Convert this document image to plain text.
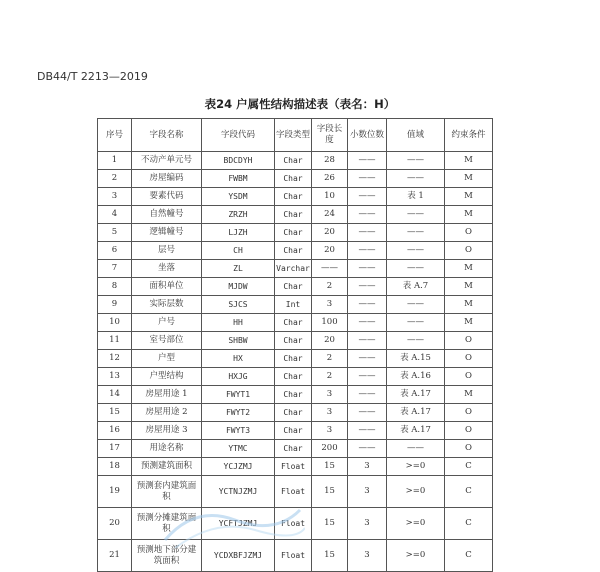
DB44/T 2213—2019
表24 户属性结构描述表（表名：H）
序号	字段名称	字段代码	字段类型	字段长度	小数位数	值域	约束条件
1	不动产单元号	BDCDYH	Char	28	——	——	M
2	房屋编码	FWBM	Char	26	——	——	M
3	要素代码	YSDM	Char	10	——	表 1	M
4	自然幢号	ZRZH	Char	24	——	——	M
5	逻辑幢号	LJZH	Char	20	——	——	O
6	层号	CH	Char	20	——	——	O
7	坐落	ZL	Varchar	——	——	——	M
8	面积单位	MJDW	Char	2	——	表 A.7	M
9	实际层数	SJCS	Int	3	——	——	M
10	户号	HH	Char	100	——	——	M
11	室号部位	SHBW	Char	20	——	——	O
12	户型	HX	Char	2	——	表 A.15	O
13	户型结构	HXJG	Char	2	——	表 A.16	O
14	房屋用途 1	FWYT1	Char	3	——	表 A.17	M
15	房屋用途 2	FWYT2	Char	3	——	表 A.17	O
16	房屋用途 3	FWYT3	Char	3	——	表 A.17	O
17	用途名称	YTMC	Char	200	——	——	O
18	预测建筑面积	YCJZMJ	Float	15	3	>=0	C
19	预测套内建筑面积	YCTNJZMJ	Float	15	3	>=0	C
20	预测分摊建筑面积	YCFTJZMJ	Float	15	3	>=0	C
21	预测地下部分建筑面积	YCDXBFJZMJ	Float	15	3	>=0	C
